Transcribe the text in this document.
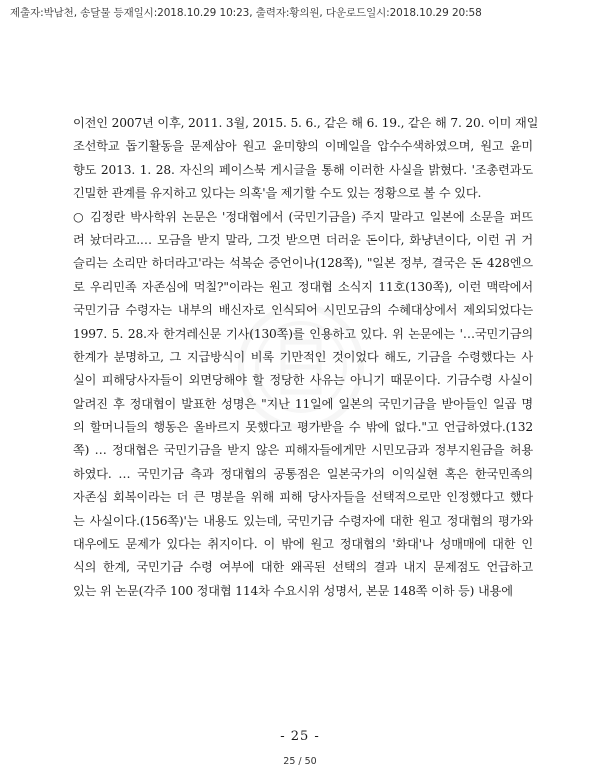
제출자:박남천, 송달물 등재일시:2018.10.29 10:23, 출력자:황의원, 다운로드일시:2018.10.29 20:58
이전인 2007년 이후, 2011. 3월, 2015. 5. 6., 같은 해 6. 19., 같은 해 7. 20. 이미 재일
조선학교 돕기활동을 문제삼아 원고 윤미향의 이메일을 압수수색하였으며, 원고 윤미
향도 2013. 1. 28. 자신의 페이스북 게시글을 통해 이러한 사실을 밝혔다. '조총련과도
긴밀한 관계를 유지하고 있다는 의혹'을 제기할 수도 있는 정황으로 볼 수 있다.
○ 김정란 박사학위 논문은 '정대협에서 (국민기금을) 주지 말라고 일본에 소문을 퍼뜨
려 놨더라고.… 모금을 받지 말라, 그것 받으면 더러운 돈이다, 화냥년이다, 이런 귀 거
슬리는 소리만 하더라고'라는 석복순 증언이나(128쪽), "일본 정부, 결국은 돈 428엔으
로 우리민족 자존심에 먹칠?"이라는 원고 정대협 소식지 11호(130쪽), 이런 맥락에서
국민기금 수령자는 내부의 배신자로 인식되어 시민모금의 수혜대상에서 제외되었다는
1997. 5. 28.자 한겨레신문 기사(130쪽)를 인용하고 있다. 위 논문에는 '…국민기금의
한계가 분명하고, 그 지급방식이 비록 기만적인 것이었다 해도, 기금을 수령했다는 사
실이 피해당사자들이 외면당해야 할 정당한 사유는 아니기 때문이다. 기금수령 사실이
알려진 후 정대협이 발표한 성명은 "지난 11일에 일본의 국민기금을 받아들인 일곱 명
의 할머니들의 행동은 올바르지 못했다고 평가받을 수 밖에 없다."고 언급하였다.(132
쪽) … 정대협은 국민기금을 받지 않은 피해자들에게만 시민모금과 정부지원금을 허용
하였다. … 국민기금 측과 정대협의 공통점은 일본국가의 이익실현 혹은 한국민족의
자존심 회복이라는 더 큰 명분을 위해 피해 당사자들을 선택적으로만 인정했다고 했다
는 사실이다.(156쪽)'는 내용도 있는데, 국민기금 수령자에 대한 원고 정대협의 평가와
대우에도 문제가 있다는 취지이다. 이 밖에 원고 정대협의 '화대'나 성매매에 대한 인
식의 한계, 국민기금 수령 여부에 대한 왜곡된 선택의 결과 내지 문제점도 언급하고
있는 위 논문(각주 100 정대협 114차 수요시위 성명서, 본문 148쪽 이하 등) 내용에
- 25 -
25 / 50
